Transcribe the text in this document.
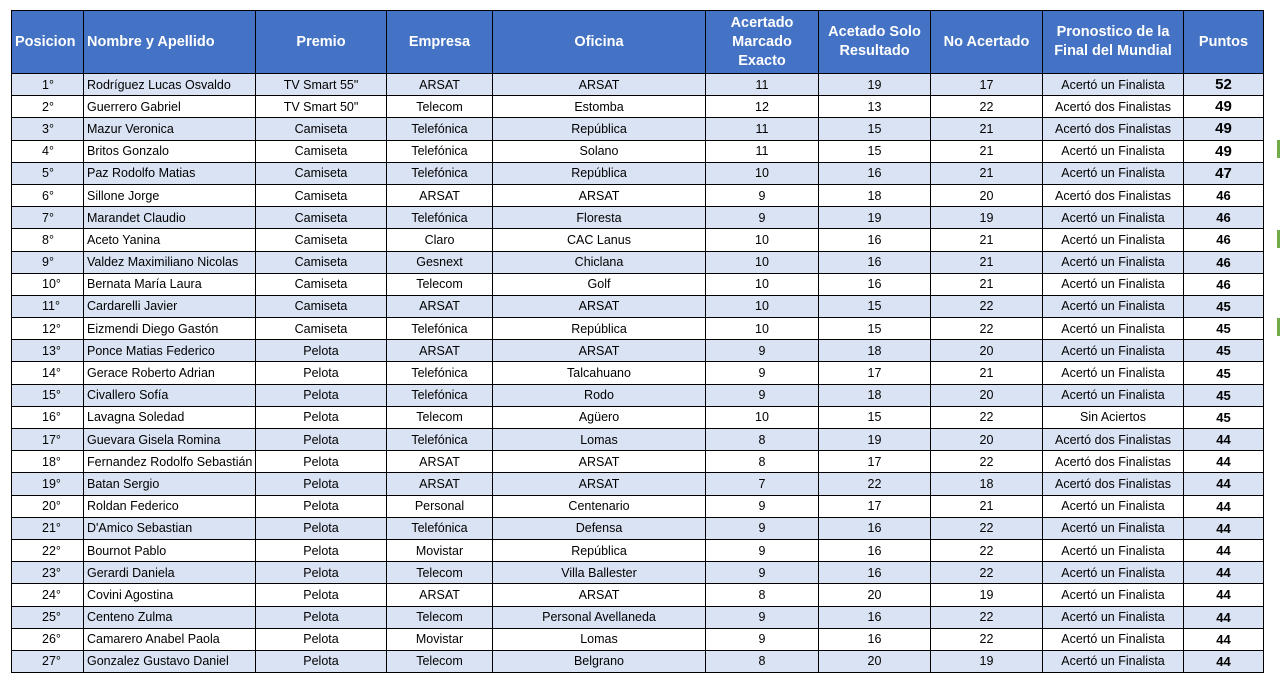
Posicion	Nombre y Apellido	Premio	Empresa	Oficina	Acertado Marcado Exacto	Acetado Solo Resultado	No Acertado	Pronostico de la Final del Mundial	Puntos
1°	Rodríguez Lucas Osvaldo	TV Smart 55"	ARSAT	ARSAT	11	19	17	Acertó un Finalista	52
2°	Guerrero Gabriel	TV Smart 50"	Telecom	Estomba	12	13	22	Acertó dos Finalistas	49
3°	Mazur Veronica	Camiseta	Telefónica	República	11	15	21	Acertó dos Finalistas	49
4°	Britos Gonzalo	Camiseta	Telefónica	Solano	11	15	21	Acertó un Finalista	49
5°	Paz Rodolfo Matias	Camiseta	Telefónica	República	10	16	21	Acertó un Finalista	47
6°	Sillone Jorge	Camiseta	ARSAT	ARSAT	9	18	20	Acertó dos Finalistas	46
7°	Marandet Claudio	Camiseta	Telefónica	Floresta	9	19	19	Acertó un Finalista	46
8°	Aceto Yanina	Camiseta	Claro	CAC Lanus	10	16	21	Acertó un Finalista	46
9°	Valdez Maximiliano Nicolas	Camiseta	Gesnext	Chiclana	10	16	21	Acertó un Finalista	46
10°	Bernata María Laura	Camiseta	Telecom	Golf	10	16	21	Acertó un Finalista	46
11°	Cardarelli Javier	Camiseta	ARSAT	ARSAT	10	15	22	Acertó un Finalista	45
12°	Eizmendi Diego Gastón	Camiseta	Telefónica	República	10	15	22	Acertó un Finalista	45
13°	Ponce Matias Federico	Pelota	ARSAT	ARSAT	9	18	20	Acertó un Finalista	45
14°	Gerace Roberto Adrian	Pelota	Telefónica	Talcahuano	9	17	21	Acertó un Finalista	45
15°	Civallero Sofía	Pelota	Telefónica	Rodo	9	18	20	Acertó un Finalista	45
16°	Lavagna Soledad	Pelota	Telecom	Agüero	10	15	22	Sin Aciertos	45
17°	Guevara Gisela Romina	Pelota	Telefónica	Lomas	8	19	20	Acertó dos Finalistas	44
18°	Fernandez Rodolfo Sebastián	Pelota	ARSAT	ARSAT	8	17	22	Acertó dos Finalistas	44
19°	Batan Sergio	Pelota	ARSAT	ARSAT	7	22	18	Acertó dos Finalistas	44
20°	Roldan Federico	Pelota	Personal	Centenario	9	17	21	Acertó un Finalista	44
21°	D'Amico Sebastian	Pelota	Telefónica	Defensa	9	16	22	Acertó un Finalista	44
22°	Bournot Pablo	Pelota	Movistar	República	9	16	22	Acertó un Finalista	44
23°	Gerardi Daniela	Pelota	Telecom	Villa Ballester	9	16	22	Acertó un Finalista	44
24°	Covini Agostina	Pelota	ARSAT	ARSAT	8	20	19	Acertó un Finalista	44
25°	Centeno Zulma	Pelota	Telecom	Personal Avellaneda	9	16	22	Acertó un Finalista	44
26°	Camarero Anabel Paola	Pelota	Movistar	Lomas	9	16	22	Acertó un Finalista	44
27°	Gonzalez Gustavo Daniel	Pelota	Telecom	Belgrano	8	20	19	Acertó un Finalista	44
